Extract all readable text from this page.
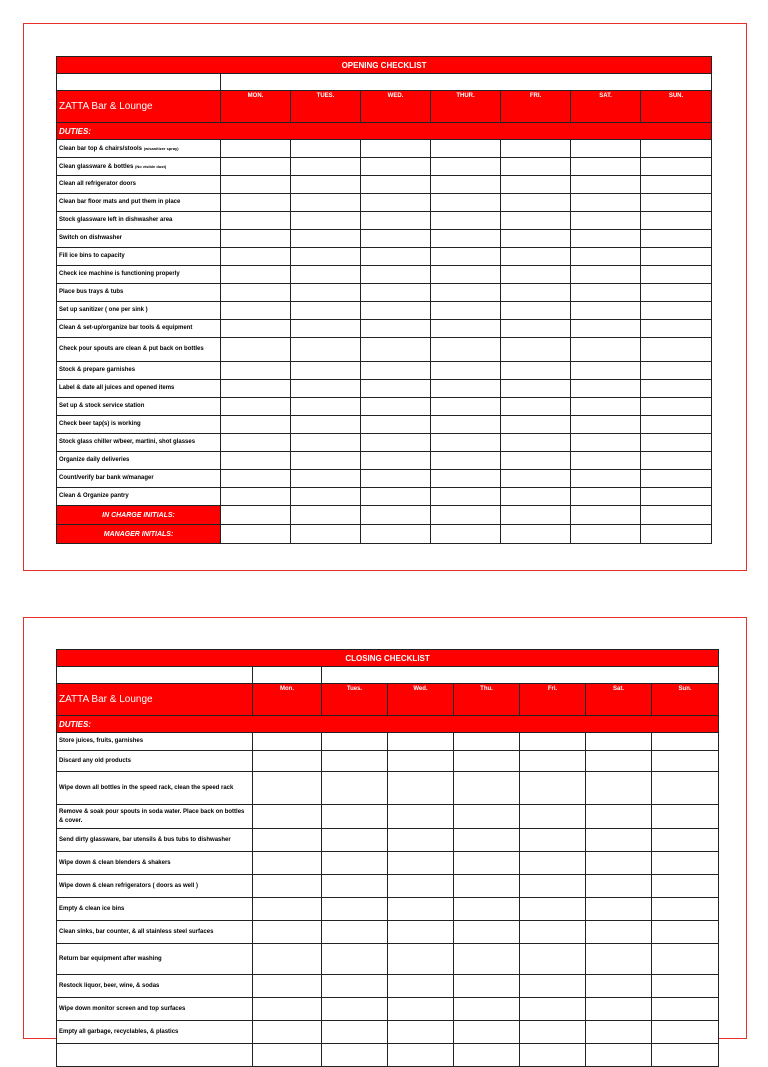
OPENING CHECKLIST							

ZATTA Bar & Lounge	MON.	TUES.	WED.	THUR.	FRI.	SAT.	SUN.
DUTIES:							
Clean bar top & chairs/stools (w/sanitizer spray)							
Clean glassware & bottles (No visible dust)							
Clean all refrigerator doors							
Clean bar floor mats and put them in place							
Stock glassware left in dishwasher area							
Switch on dishwasher							
Fill ice bins to capacity							
Check ice machine is functioning properly							
Place bus trays & tubs							
Set up sanitizer ( one per sink )							
Clean & set-up/organize bar tools & equipment							
Check pour spouts are clean & put back on bottles							
Stock & prepare garnishes							
Label & date all juices and opened items							
Set up & stock service station							
Check beer tap(s) is working							
Stock glass chiller w/beer, martini, shot glasses							
Organize daily deliveries							
Count/verify bar bank w/manager							
Clean & Organize pantry							
IN CHARGE INITIALS:							
MANAGER INITIALS:							
CLOSING CHECKLIST							

ZATTA Bar & Lounge	Mon.	Tues.	Wed.	Thu.	Fri.	Sat.	Sun.
DUTIES:							
Store juices, fruits, garnishes							
Discard any old products							
Wipe down all bottles in the speed rack, clean the speed rack							
Remove & soak pour spouts in soda water. Place back on bottles & cover.							
Send dirty glassware, bar utensils & bus tubs to dishwasher							
Wipe down & clean blenders & shakers							
Wipe down & clean refrigerators ( doors as well )							
Empty & clean ice bins							
Clean sinks, bar counter, & all stainless steel surfaces							
Return bar equipment after washing							
Restock liquor, beer, wine, & sodas							
Wipe down monitor screen and top surfaces							
Empty all garbage, recyclables, & plastics							
